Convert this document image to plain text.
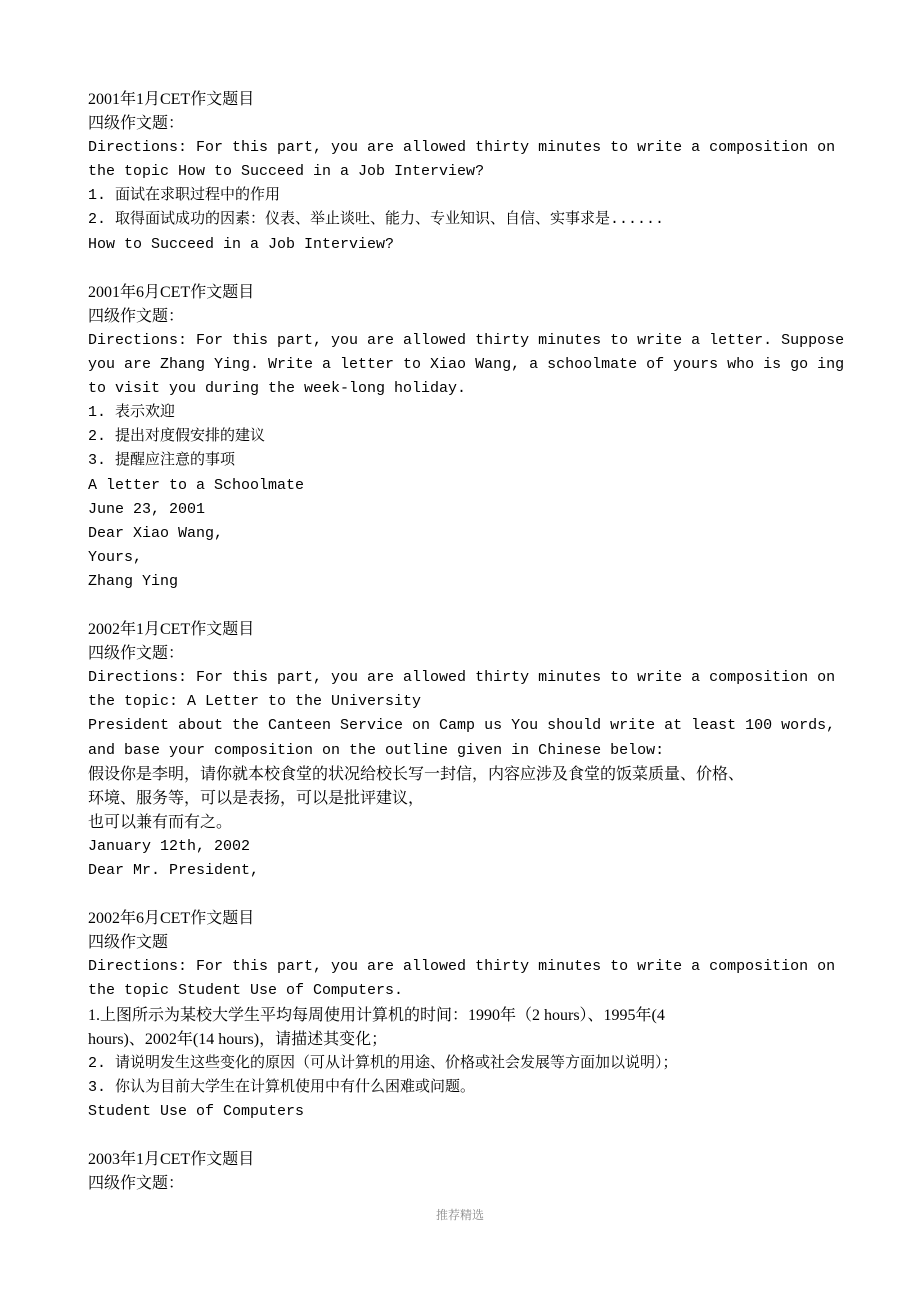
2001年1月CET作文题目
四级作文题：
Directions: For this part, you are allowed thirty minutes to write a composition on
the topic How to Succeed in a Job Interview?
1. 面试在求职过程中的作用
2. 取得面试成功的因素：仪表、举止谈吐、能力、专业知识、自信、实事求是......
How to Succeed in a Job Interview?
2001年6月CET作文题目
四级作文题：
Directions: For this part, you are allowed thirty minutes to write a letter. Suppose
you are Zhang Ying. Write a letter to Xiao Wang, a schoolmate of yours who is go ing
to visit you during the week-long holiday.
1. 表示欢迎
2. 提出对度假安排的建议
3. 提醒应注意的事项
A letter to a Schoolmate
June 23, 2001
Dear Xiao Wang,
Yours,
Zhang Ying
2002年1月CET作文题目
四级作文题：
Directions: For this part, you are allowed thirty minutes to write a composition on
the topic: A Letter to the University
President about the Canteen Service on Camp us You should write at least 100 words,
and base your composition on the outline given in Chinese below:
假设你是李明，请你就本校食堂的状况给校长写一封信，内容应涉及食堂的饭菜质量、价格、
环境、服务等，可以是表扬，可以是批评建议，
也可以兼有而有之。
January 12th, 2002
Dear Mr. President,
2002年6月CET作文题目
四级作文题
Directions: For this part, you are allowed thirty minutes to write a composition on
the topic Student Use of Computers.
1.上图所示为某校大学生平均每周使用计算机的时间：1990年（2 hours）、1995年(4
hours)、2002年(14 hours)，请描述其变化；
2. 请说明发生这些变化的原因（可从计算机的用途、价格或社会发展等方面加以说明）；
3. 你认为目前大学生在计算机使用中有什么困难或问题。
Student Use of Computers
2003年1月CET作文题目
四级作文题：
推荐精选
